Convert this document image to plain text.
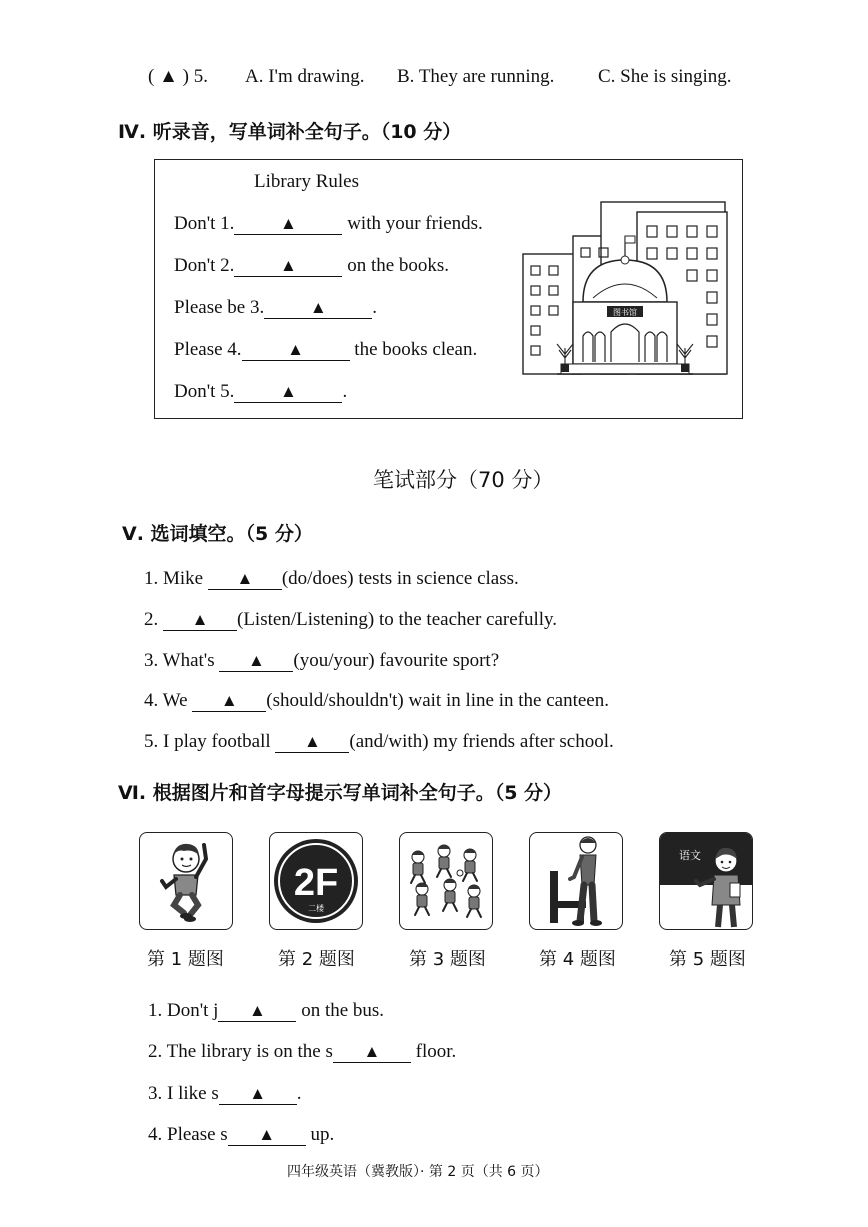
( ▲ ) 5. A. I'm drawing. B. They are running. C. She is singing.
Ⅳ. 听录音，写单词补全句子。（10 分）
Library Rules
Don't 1.	▲	with your friends.
Don't 2.	▲	on the books.
Please be 3.	▲ .
Please 4.	▲	the books clean.
Don't 5.	▲ .
图书馆
笔试部分（70 分）
Ⅴ. 选词填空。（5 分）
1. Mike ▲ (do/does) tests in science class.
2. ▲ (Listen/Listening) to the teacher carefully.
3. What's ▲ (you/your) favourite sport?
4. We ▲ (should/shouldn't) wait in line in the canteen.
5. I play football ▲ (and/with) my friends after school.
Ⅵ. 根据图片和首字母提示写单词补全句子。（5 分）
2F
二楼
语文
第 1 题图	第 2 题图	第 3 题图	第 4 题图	第 5 题图
1. Don't j ▲ on the bus.
2. The library is on the s ▲ floor.
3. I like s ▲ .
4. Please s ▲ up.
四年级英语（冀教版）· 第 2 页（共 6 页）
